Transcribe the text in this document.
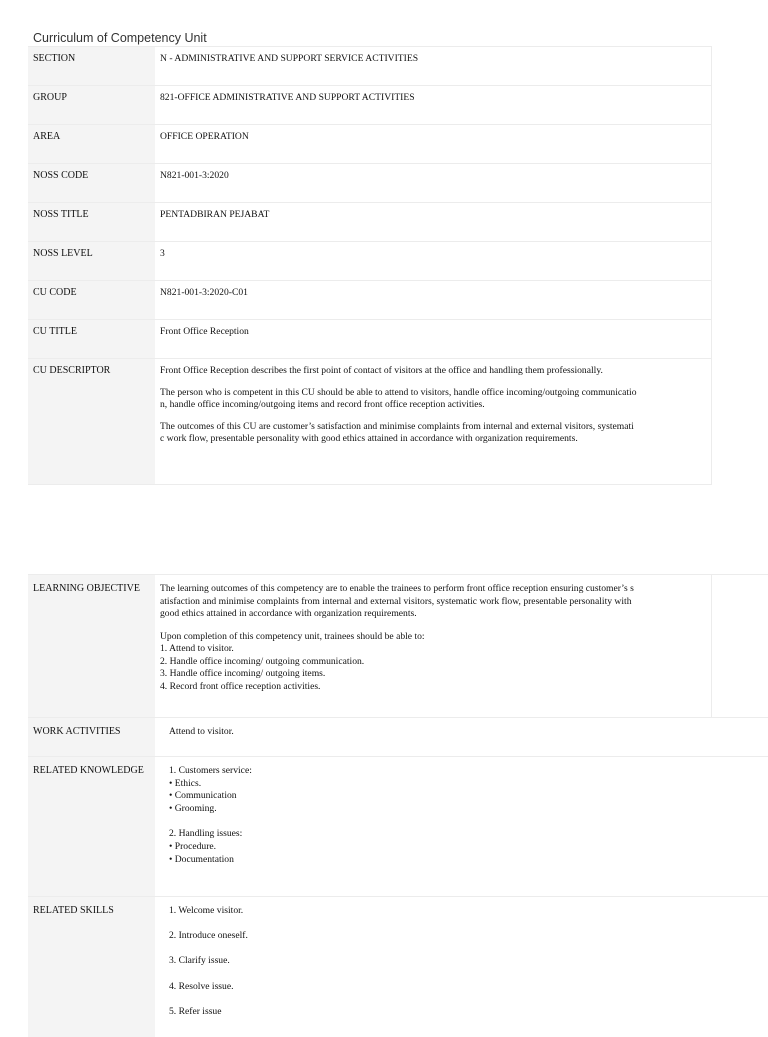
Curriculum of Competency Unit
SECTION	N - ADMINISTRATIVE AND SUPPORT SERVICE ACTIVITIES
GROUP	821-OFFICE ADMINISTRATIVE AND SUPPORT ACTIVITIES
AREA	OFFICE OPERATION
NOSS CODE	N821-001-3:2020
NOSS TITLE	PENTADBIRAN PEJABAT
NOSS LEVEL	3
CU CODE	N821-001-3:2020-C01
CU TITLE	Front Office Reception
CU DESCRIPTOR	Front Office Reception describes the first point of contact of visitors at the office and handling them professionally.
The person who is competent in this CU should be able to attend to visitors, handle office incoming/outgoing communicatio
n, handle office incoming/outgoing items and record front office reception activities.
The outcomes of this CU are customer’s satisfaction and minimise complaints from internal and external visitors, systemati
c work flow, presentable personality with good ethics attained in accordance with organization requirements.
LEARNING OBJECTIVE	The learning outcomes of this competency are to enable the trainees to perform front office reception ensuring customer’s s
atisfaction and minimise complaints from internal and external visitors, systematic work flow, presentable personality with
good ethics attained in accordance with organization requirements.
Upon completion of this competency unit, trainees should be able to:
1. Attend to visitor.
2. Handle office incoming/ outgoing communication.
3. Handle office incoming/ outgoing items.
4. Record front office reception activities.
WORK ACTIVITIES	Attend to visitor.
RELATED KNOWLEDGE	1. Customers service:
• Ethics.
• Communication
• Grooming.
2. Handling issues:
• Procedure.
• Documentation
RELATED SKILLS	1. Welcome visitor.
2. Introduce oneself.
3. Clarify issue.
4. Resolve issue.
5. Refer issue
